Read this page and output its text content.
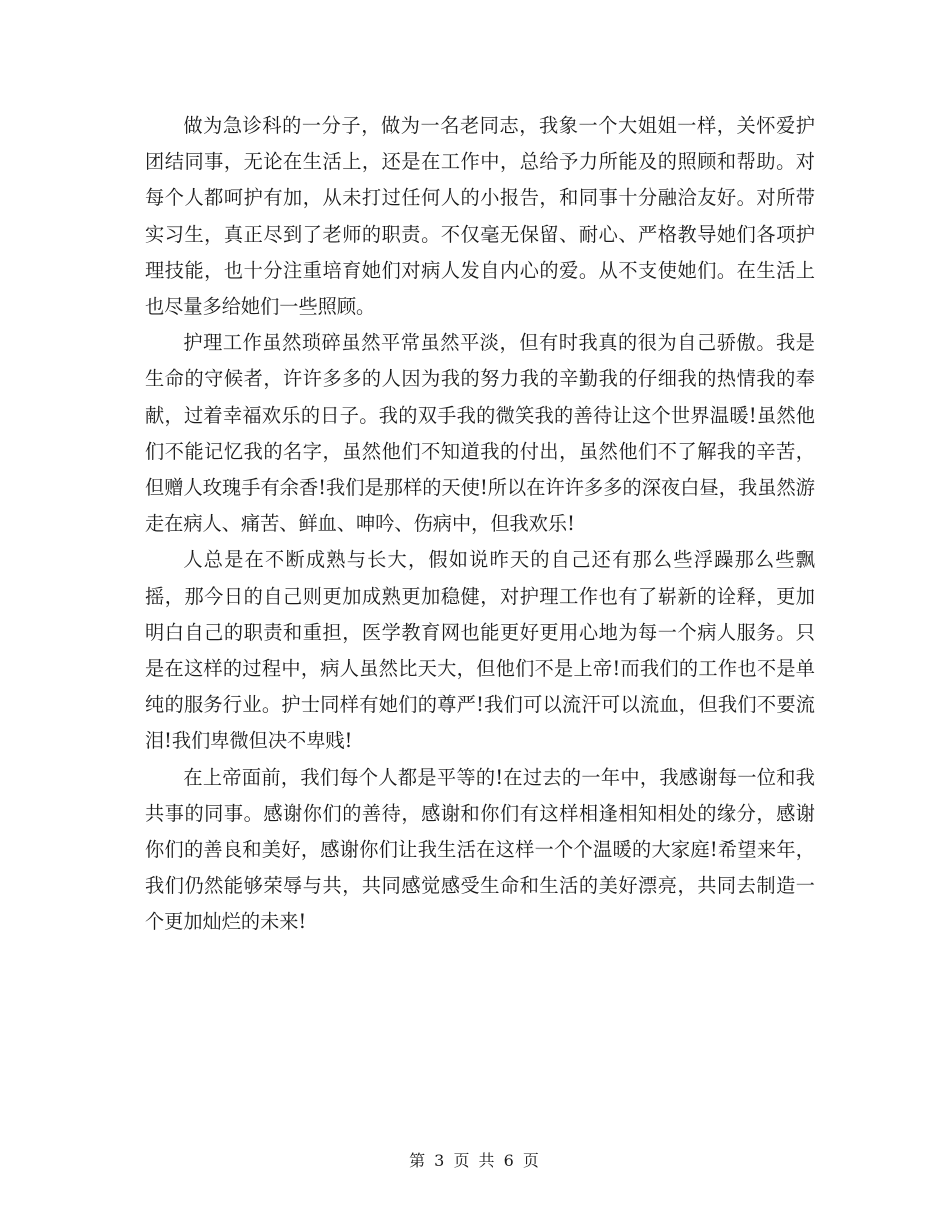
做为急诊科的一分子，做为一名老同志，我象一个大姐姐一样，关怀爱护团结同事，无论在生活上，还是在工作中，总给予力所能及的照顾和帮助。对每个人都呵护有加，从未打过任何人的小报告，和同事十分融洽友好。对所带实习生，真正尽到了老师的职责。不仅毫无保留、耐心、严格教导她们各项护理技能，也十分注重培育她们对病人发自内心的爱。从不支使她们。在生活上也尽量多给她们一些照顾。

护理工作虽然琐碎虽然平常虽然平淡，但有时我真的很为自己骄傲。我是生命的守候者，许许多多的人因为我的努力我的辛勤我的仔细我的热情我的奉献，过着幸福欢乐的日子。我的双手我的微笑我的善待让这个世界温暖!虽然他们不能记忆我的名字，虽然他们不知道我的付出，虽然他们不了解我的辛苦，但赠人玫瑰手有余香!我们是那样的天使!所以在许许多多的深夜白昼，我虽然游走在病人、痛苦、鲜血、呻吟、伤病中，但我欢乐!

人总是在不断成熟与长大，假如说昨天的自己还有那么些浮躁那么些飘摇，那今日的自己则更加成熟更加稳健，对护理工作也有了崭新的诠释，更加明白自己的职责和重担，医学教育网也能更好更用心地为每一个病人服务。只是在这样的过程中，病人虽然比天大，但他们不是上帝!而我们的工作也不是单纯的服务行业。护士同样有她们的尊严!我们可以流汗可以流血，但我们不要流泪!我们卑微但决不卑贱!

在上帝面前，我们每个人都是平等的!在过去的一年中，我感谢每一位和我共事的同事。感谢你们的善待，感谢和你们有这样相逢相知相处的缘分，感谢你们的善良和美好，感谢你们让我生活在这样一个个温暖的大家庭!希望来年，我们仍然能够荣辱与共，共同感觉感受生命和生活的美好漂亮，共同去制造一个更加灿烂的未来!

第 3 页 共 6 页
